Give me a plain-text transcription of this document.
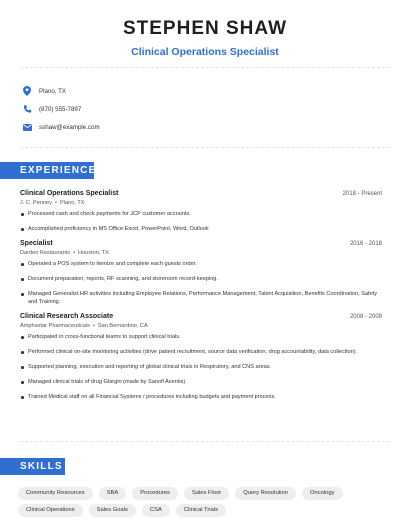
STEPHEN SHAW
Clinical Operations Specialist
Plano, TX
(870) 555-7897
sshaw@example.com
EXPERIENCE
Clinical Operations Specialist	2018 - Present
J. C. Penney • Plano, TX
Processed cash and check payments for JCP customer accounts.
Accomplished proficiency in MS Office:Excel, PowerPoint, Word, Outlook
Specialist	2016 - 2018
Darden Restaurants • Houston, TX
Operated a POS system to itemize and complete each guests order.
Document preparation, reports, RF scanning, and storeroom record-keeping.
Managed Generalist HR activities including Employee Relations, Performance Management, Talent Acquisition, Benefits Coordination, Safety and Training.
Clinical Research Associate	2008 - 2009
Amphastar Pharmaceuticals • San Bernardino, CA
Participated in cross-functional teams to support clinical trials.
Performed clinical on-site monitoring activities (drive patient recruitment, source data verification, drug accountability, data collection).
Supported planning, execution and reporting of global clinical trials in Respiratory, and CNS areas.
Managed clinical trials of drug Glargin (made by Sanofi Aventis).
Trained Medical staff on all Financial Systems / procedures including budgets and payment process.
SKILLS
Community Resources	SBA	Procedures	Sales Floor	Query Resolution	Oncology
Clinical Operations	Sales Goals	CSA	Clinical Trials
